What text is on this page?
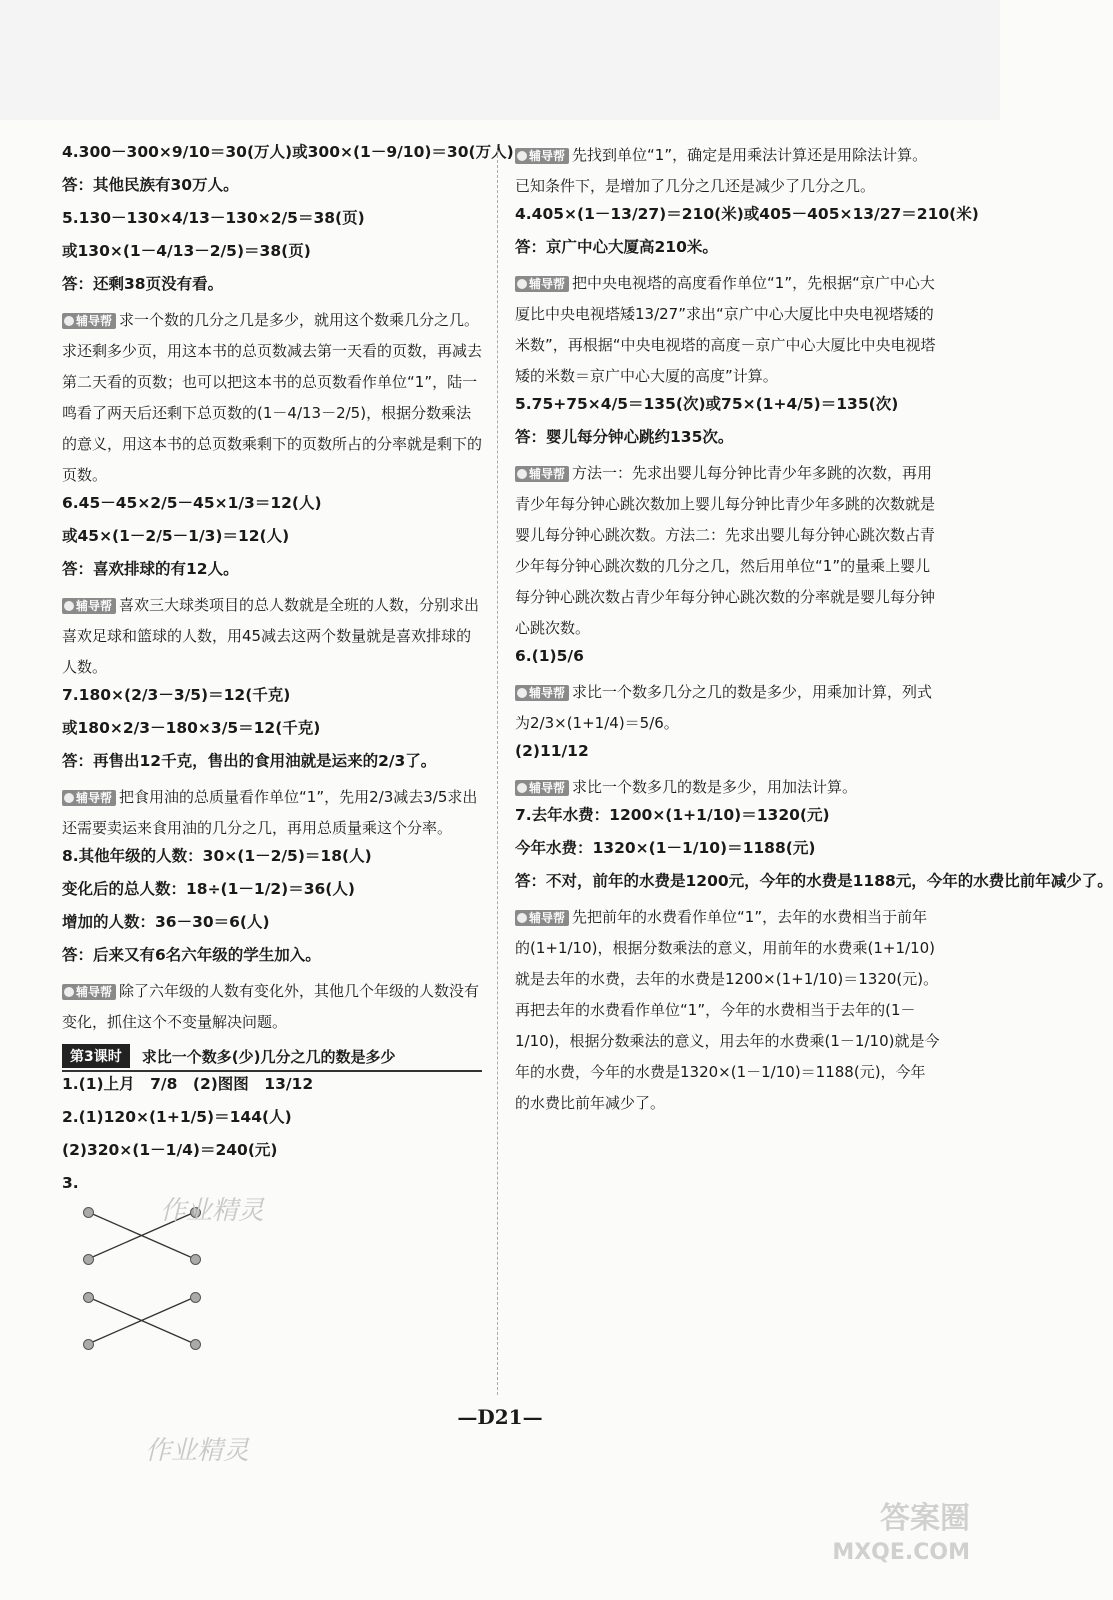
4.300－300×9/10＝30(万人)或300×(1－9/10)＝30(万人)
答：其他民族有30万人。
5.130－130×4/13－130×2/5＝38(页)
或130×(1－4/13－2/5)＝38(页)
答：还剩38页没有看。
辅导帮 求一个数的几分之几是多少，就用这个数乘几分之几。求还剩多少页，用这本书的总页数减去第一天看的页数，再减去第二天看的页数；也可以把这本书的总页数看作单位“1”，陆一鸣看了两天后还剩下总页数的(1－4/13－2/5)，根据分数乘法的意义，用这本书的总页数乘剩下的页数所占的分率就是剩下的页数。
6.45－45×2/5－45×1/3＝12(人)
或45×(1－2/5－1/3)＝12(人)
答：喜欢排球的有12人。
辅导帮 喜欢三大球类项目的总人数就是全班的人数，分别求出喜欢足球和篮球的人数，用45减去这两个数量就是喜欢排球的人数。
7.180×(2/3－3/5)＝12(千克)
或180×2/3－180×3/5＝12(千克)
答：再售出12千克，售出的食用油就是运来的2/3了。
辅导帮 把食用油的总质量看作单位“1”，先用2/3减去3/5求出还需要卖运来食用油的几分之几，再用总质量乘这个分率。
8.其他年级的人数：30×(1－2/5)＝18(人)
变化后的总人数：18÷(1－1/2)＝36(人)
增加的人数：36－30＝6(人)
答：后来又有6名六年级的学生加入。
辅导帮 除了六年级的人数有变化外，其他几个年级的人数没有变化，抓住这个不变量解决问题。
第3课时	求比一个数多(少)几分之几的数是多少
1.(1)上月　7/8　(2)图图　13/12
2.(1)120×(1+1/5)＝144(人)
(2)320×(1－1/4)＝240(元)
3.
辅导帮 先找到单位“1”，确定是用乘法计算还是用除法计算。已知条件下，是增加了几分之几还是减少了几分之几。
4.405×(1－13/27)＝210(米)或405－405×13/27＝210(米)
答：京广中心大厦高210米。
辅导帮 把中央电视塔的高度看作单位“1”，先根据“京广中心大厦比中央电视塔矮13/27”求出“京广中心大厦比中央电视塔矮的米数”，再根据“中央电视塔的高度－京广中心大厦比中央电视塔矮的米数＝京广中心大厦的高度”计算。
5.75+75×4/5＝135(次)或75×(1+4/5)＝135(次)
答：婴儿每分钟心跳约135次。
辅导帮 方法一：先求出婴儿每分钟比青少年多跳的次数，再用青少年每分钟心跳次数加上婴儿每分钟比青少年多跳的次数就是婴儿每分钟心跳次数。方法二：先求出婴儿每分钟心跳次数占青少年每分钟心跳次数的几分之几，然后用单位“1”的量乘上婴儿每分钟心跳次数占青少年每分钟心跳次数的分率就是婴儿每分钟心跳次数。
6.(1)5/6
辅导帮 求比一个数多几分之几的数是多少，用乘加计算，列式为2/3×(1+1/4)＝5/6。
(2)11/12
辅导帮 求比一个数多几的数是多少，用加法计算。
7.去年水费：1200×(1+1/10)＝1320(元)
今年水费：1320×(1－1/10)＝1188(元)
答：不对，前年的水费是1200元，今年的水费是1188元，今年的水费比前年减少了。
辅导帮 先把前年的水费看作单位“1”，去年的水费相当于前年的(1+1/10)，根据分数乘法的意义，用前年的水费乘(1+1/10)就是去年的水费，去年的水费是1200×(1+1/10)＝1320(元)。再把去年的水费看作单位“1”，今年的水费相当于去年的(1－1/10)，根据分数乘法的意义，用去年的水费乘(1－1/10)就是今年的水费，今年的水费是1320×(1－1/10)＝1188(元)，今年的水费比前年减少了。
作业精灵
作业精灵
—D21—
答案圈
MXQE.COM
